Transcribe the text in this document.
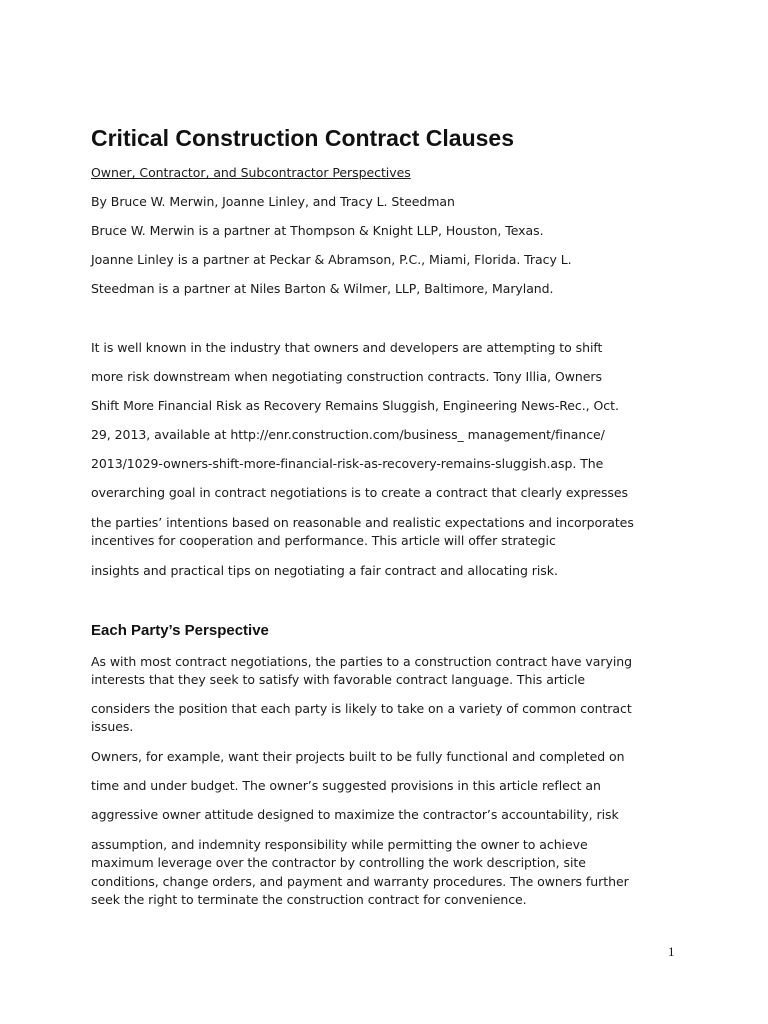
Critical Construction Contract Clauses

Owner, Contractor, and Subcontractor Perspectives

By Bruce W. Merwin, Joanne Linley, and Tracy L. Steedman

Bruce W. Merwin is a partner at Thompson & Knight LLP, Houston, Texas.

Joanne Linley is a partner at Peckar & Abramson, P.C., Miami, Florida. Tracy L.

Steedman is a partner at Niles Barton & Wilmer, LLP, Baltimore, Maryland.

It is well known in the industry that owners and developers are attempting to shift

more risk downstream when negotiating construction contracts. Tony Illia, Owners

Shift More Financial Risk as Recovery Remains Sluggish, Engineering News-Rec., Oct.

29, 2013, available at http://enr.construction.com/business_ management/finance/

2013/1029-owners-shift-more-financial-risk-as-recovery-remains-sluggish.asp. The

overarching goal in contract negotiations is to create a contract that clearly expresses

the parties’ intentions based on reasonable and realistic expectations and incorporates

incentives for cooperation and performance. This article will offer strategic

insights and practical tips on negotiating a fair contract and allocating risk.

Each Party’s Perspective

As with most contract negotiations, the parties to a construction contract have varying

interests that they seek to satisfy with favorable contract language. This article

considers the position that each party is likely to take on a variety of common contract

issues.

Owners, for example, want their projects built to be fully functional and completed on

time and under budget. The owner’s suggested provisions in this article reflect an

aggressive owner attitude designed to maximize the contractor’s accountability, risk

assumption, and indemnity responsibility while permitting the owner to achieve

maximum leverage over the contractor by controlling the work description, site

conditions, change orders, and payment and warranty procedures. The owners further

seek the right to terminate the construction contract for convenience.

1
